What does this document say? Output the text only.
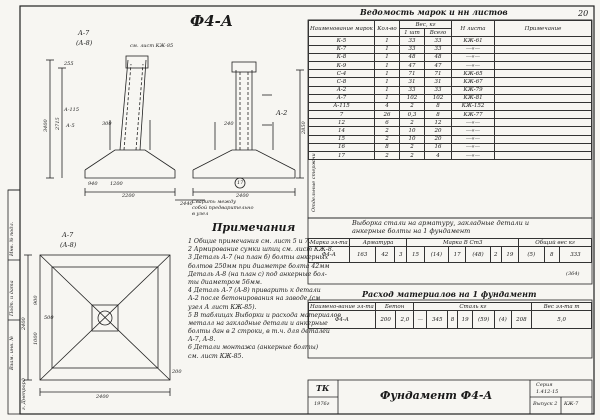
20
Ф4-А
А-7
(А-8)	см. лист КЖ-85
А-2
А-115
А-5
17
Сварить между
собой предварительно
в узел
А-7
(А-8)
255
2715
3400	2850
300	240
2200	2400
2440
1200
940
500
2400
2400
900
1000
200
Ведомость марок и нн листов
Наименование марок	Кол-во	Вес, кг		Н листа	Примечание
		1 шт	Всего		
К-5	1	33	33	КЖ-61	
К-7	1	33	33	—«—	
К-8	1	48	48	—«—	
К-9	1	47	47	—«—	
С-4	1	71	71	КЖ-65	
С-8	1	31	31	КЖ-67	
А-2	1	33	33	КЖ-79	
А-7	1	102	102	КЖ-81	
А-115	4	2	8	КЖ-152	
7	26	0,3	8	КЖ-77	
12	6	2	12	—«—	
14	2	10	20	—«—	
15	2	10	20	—«—	
16	8	2	16	—«—	
17	2	2	4	—«—	
Отдельные стержни
Выборка стали на арматуру, закладные детали и
анкерные болты на 1 фундамент
Марка эл-та	Арматура			Марка В Ст3						Общий вес кг		
Ф4-А	163	42	3	15	(14)	17	(48)	2	19	(5)	8	333
(364)
Расход материалов на 1 фундамент
Наимено-вание эл-та	Бетон		Сталь кг							Вес эл-та т
Ф4-А	200	2,0	—	345	8	19	(59)	(4)	208	5,0
Примечания
1 Общие примечания см. лист 5 и 7.
2 Армирование сумки шпиц см. лист КЖ-8.
3 Деталь А-7 (на план б) болты анкерных
болтов 250мм при диаметре болта 42мм
Деталь А-8 (на план с) под анкерные бол-
ты диаметром 56мм.
4 Деталь А-7 (А-8) приварить к детали
А-2 после бетонирования на заводе (см
узел А лист КЖ-85).
5 В таблицах Выборки и расхода материалов
металл на закладные детали и анкерные
болты дан в 2 строки, в т.ч. для деталей
А-7, А-8.
6 Детали монтажа (анкерные болты)
см. лист КЖ-85.
ТК
1976г
Фундамент Ф4-А
Серия
1.412-15
Выпуск 2 КЖ-7
Инв. № подл.
Подп. и дата
Взам. инв. №
г. Днепрорд
